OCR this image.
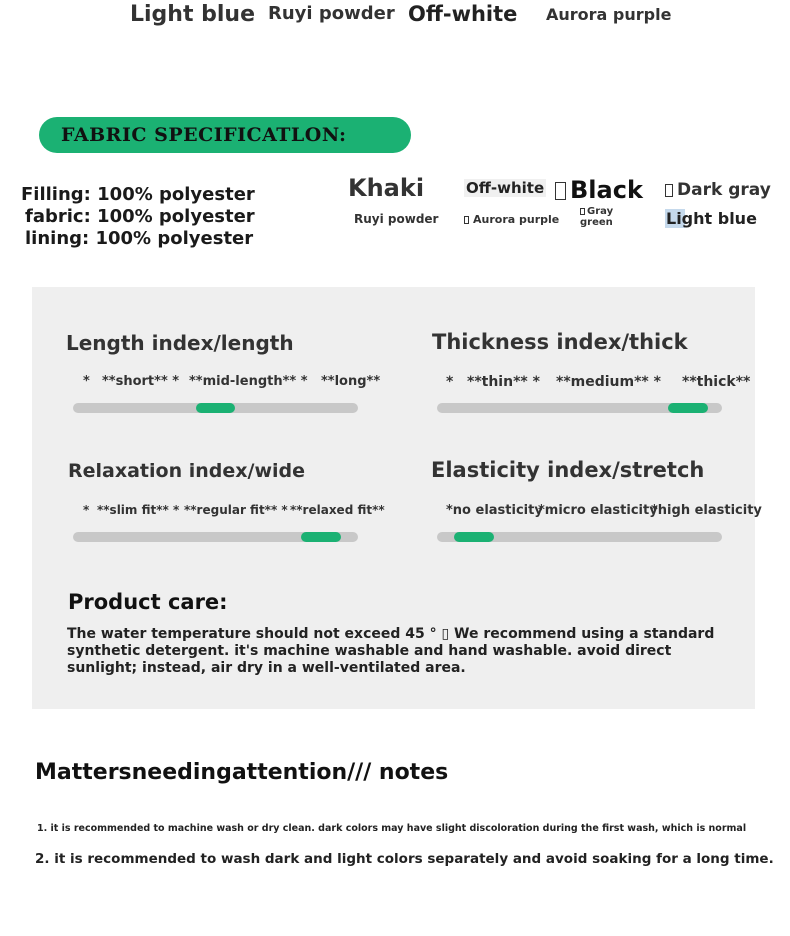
Light blue Ruyi powder Off-white Aurora purple
FABRIC SPECIFICATLON:
Filling: 100% polyester
fabric: 100% polyester
lining: 100% polyester
Khaki	Off-white	Black	Dark gray
Ruyi powder	Aurora purple
Gray green	Light blue
Length index/length
* **short** * **mid-length** * **long**
Thickness index/thick
* **thin** * **medium** * **thick**
Relaxation index/wide
* **slim fit** * **regular fit** * **relaxed fit**
Elasticity index/stretch
*no elasticity
*micro elasticity
*high elasticity
Product care:
The water temperature should not exceed 45 ° ▯ We recommend using a standard synthetic detergent. it's machine washable and hand washable. avoid direct sunlight; instead, air dry in a well-ventilated area.
Mattersneedingattention/// notes
1. it is recommended to machine wash or dry clean. dark colors may have slight discoloration during the first wash, which is normal
2. it is recommended to wash dark and light colors separately and avoid soaking for a long time.
